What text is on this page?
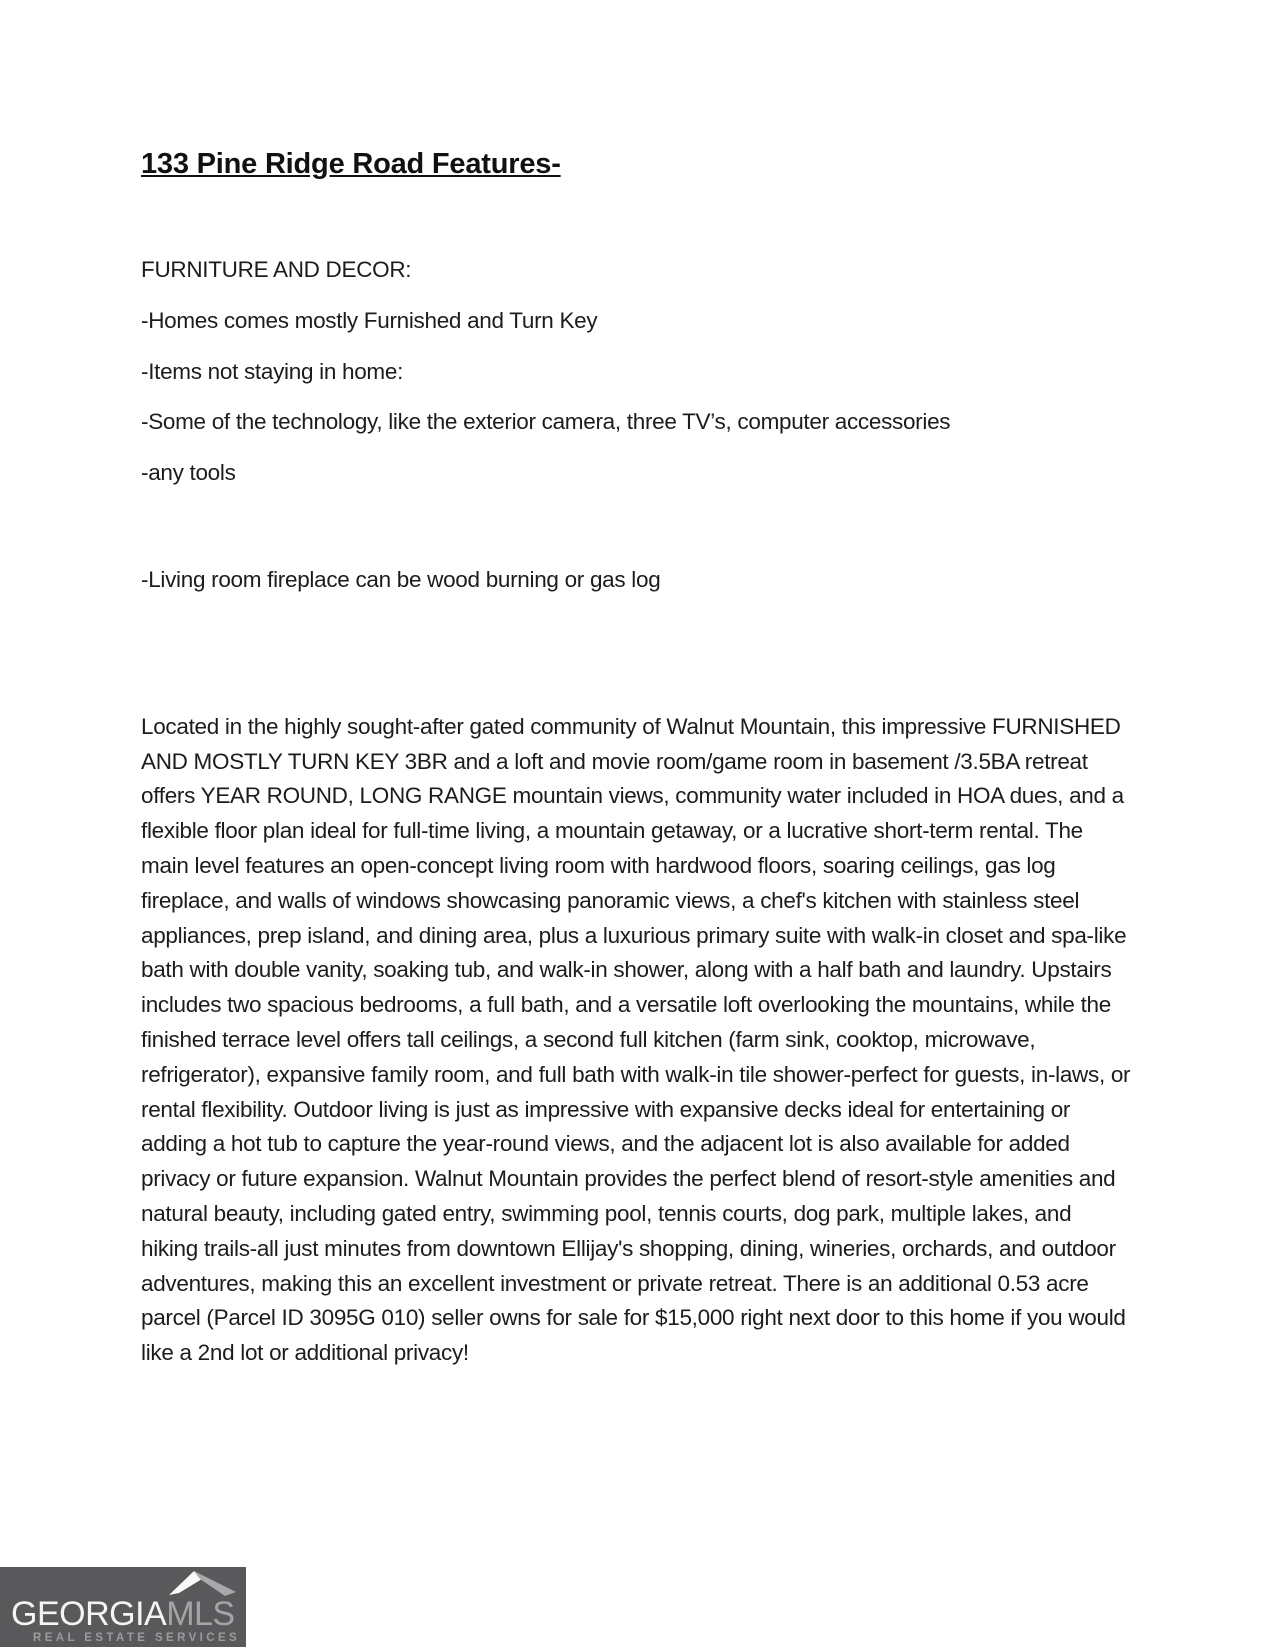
133 Pine Ridge Road Features-

FURNITURE AND DECOR:

-Homes comes mostly Furnished and Turn Key

-Items not staying in home:

-Some of the technology, like the exterior camera, three TV’s, computer accessories

-any tools

-Living room fireplace can be wood burning or gas log

Located in the highly sought-after gated community of Walnut Mountain, this impressive FURNISHED AND MOSTLY TURN KEY 3BR and a loft and movie room/game room in basement /3.5BA retreat offers YEAR ROUND, LONG RANGE mountain views, community water included in HOA dues, and a flexible floor plan ideal for full-time living, a mountain getaway, or a lucrative short-term rental. The main level features an open-concept living room with hardwood floors, soaring ceilings, gas log fireplace, and walls of windows showcasing panoramic views, a chef's kitchen with stainless steel appliances, prep island, and dining area, plus a luxurious primary suite with walk-in closet and spa-like bath with double vanity, soaking tub, and walk-in shower, along with a half bath and laundry. Upstairs includes two spacious bedrooms, a full bath, and a versatile loft overlooking the mountains, while the finished terrace level offers tall ceilings, a second full kitchen (farm sink, cooktop, microwave, refrigerator), expansive family room, and full bath with walk-in tile shower-perfect for guests, in-laws, or rental flexibility. Outdoor living is just as impressive with expansive decks ideal for entertaining or adding a hot tub to capture the year-round views, and the adjacent lot is also available for added privacy or future expansion. Walnut Mountain provides the perfect blend of resort-style amenities and natural beauty, including gated entry, swimming pool, tennis courts, dog park, multiple lakes, and hiking trails-all just minutes from downtown Ellijay's shopping, dining, wineries, orchards, and outdoor adventures, making this an excellent investment or private retreat. There is an additional 0.53 acre parcel (Parcel ID 3095G 010) seller owns for sale for $15,000 right next door to this home if you would like a 2nd lot or additional privacy!

GEORGIAMLS
REAL ESTATE SERVICES
